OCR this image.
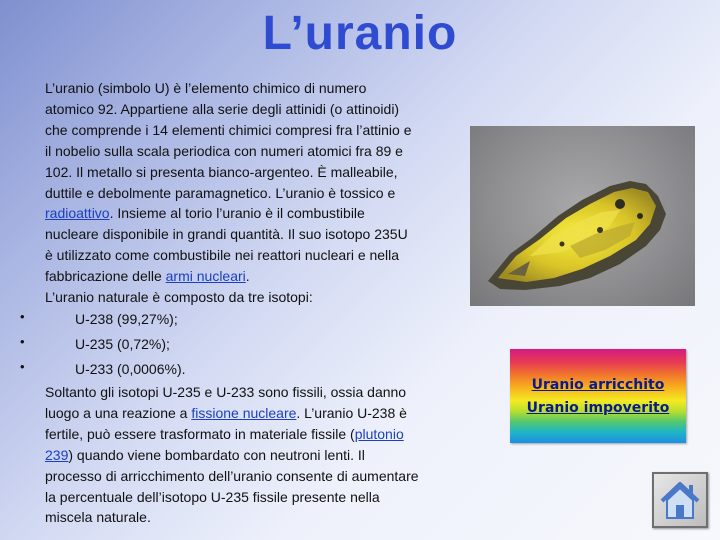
L’uranio
L’uranio (simbolo U) è l’elemento chimico di numero
atomico 92. Appartiene alla serie degli attinidi (o attinoidi)
che comprende i 14 elementi chimici compresi fra l’attinio e
il nobelio sulla scala periodica con numeri atomici fra 89 e
102. Il metallo si presenta bianco-argenteo. È malleabile,
duttile e debolmente paramagnetico. L’uranio è tossico e
radioattivo. Insieme al torio l’uranio è il combustibile
nucleare disponibile in grandi quantità. Il suo isotopo 235U
è utilizzato come combustibile nei reattori nucleari e nella
fabbricazione delle armi nucleari.
L’uranio naturale è composto da tre isotopi:
•	U-238 (99,27%);
•	U-235 (0,72%);
•	U-233 (0,0006%).
Soltanto gli isotopi U-235 e U-233 sono fissili, ossia danno
luogo a una reazione a fissione nucleare. L’uranio U-238 è
fertile, può essere trasformato in materiale fissile (plutonio
239) quando viene bombardato con neutroni lenti. Il
processo di arricchimento dell’uranio consente di aumentare
la percentuale dell’isotopo U-235 fissile presente nella
miscela naturale.
Uranio arricchito
Uranio impoverito
